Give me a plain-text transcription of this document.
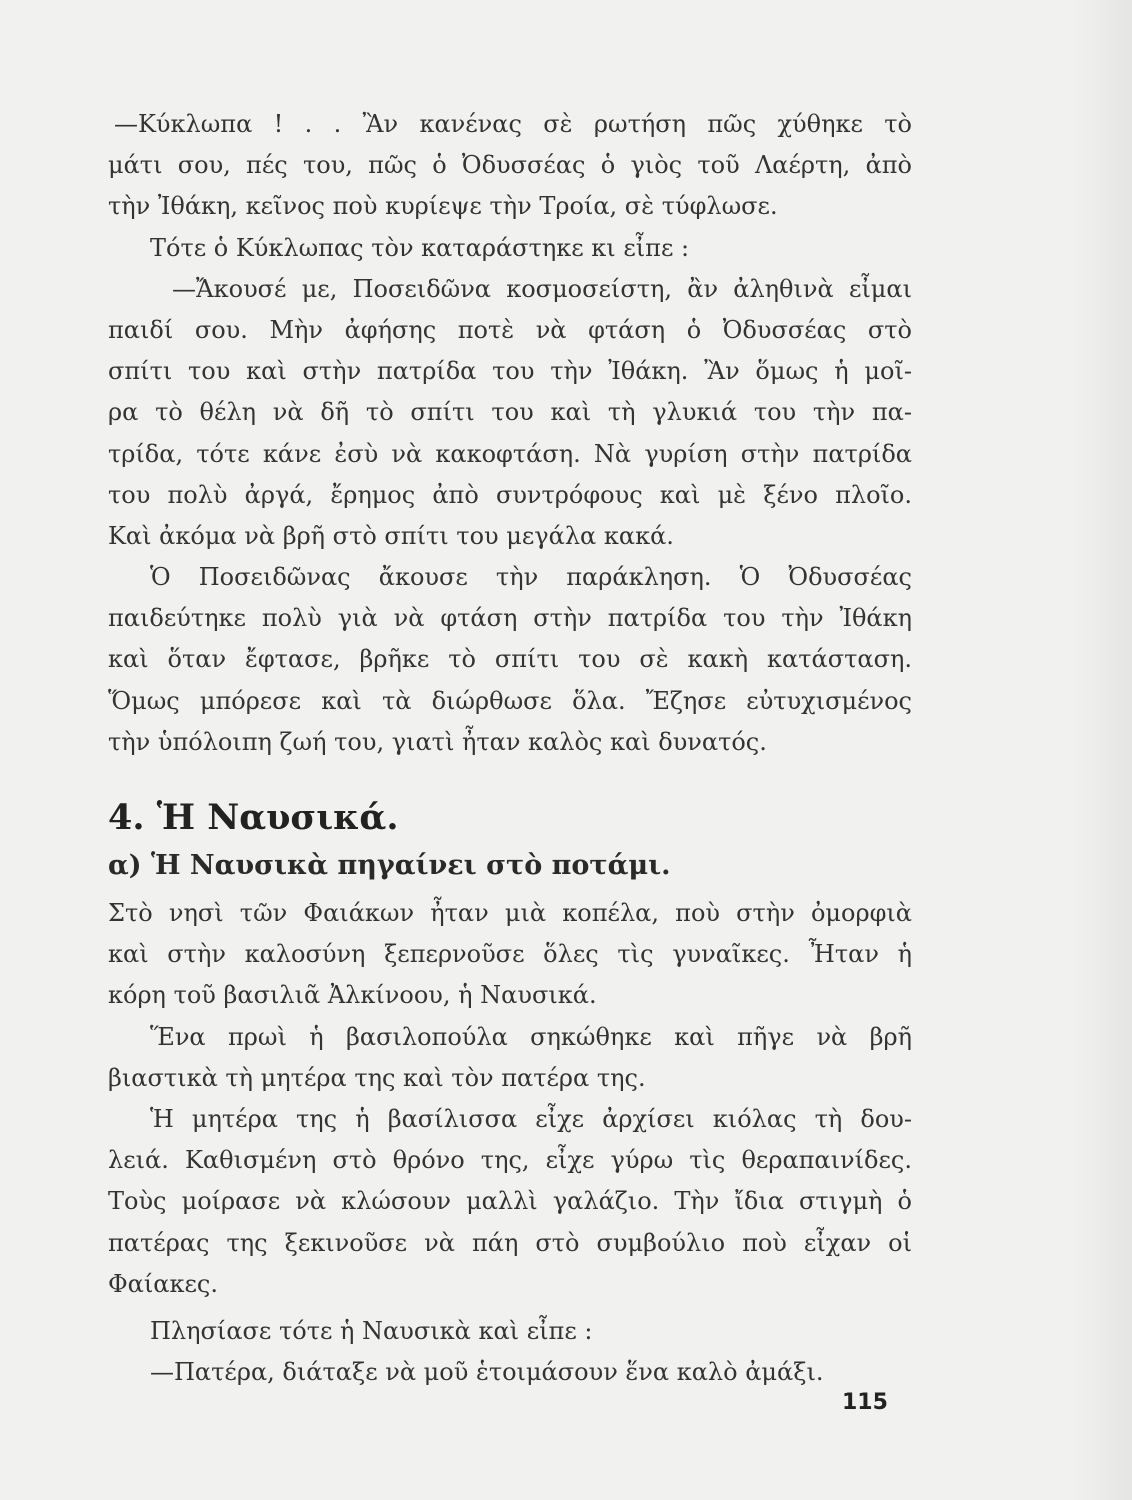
—Κύκλωπα ! . . Ἂν κανένας σὲ ρωτήση πῶς χύθηκε τὸ
μάτι σου, πές του, πῶς ὁ Ὀδυσσέας ὁ γιὸς τοῦ Λαέρτη, ἀπὸ
τὴν Ἰθάκη, κεῖνος ποὺ κυρίεψε τὴν Τροία, σὲ τύφλωσε.
Τότε ὁ Κύκλωπας τὸν καταράστηκε κι εἶπε :
—Ἄκουσέ με, Ποσειδῶνα κοσμοσείστη, ἂν ἀληθινὰ εἶμαι
παιδί σου. Μὴν ἀφήσης ποτὲ νὰ φτάση ὁ Ὀδυσσέας στὸ
σπίτι του καὶ στὴν πατρίδα του τὴν Ἰθάκη. Ἂν ὅμως ἡ μοῖ-
ρα τὸ θέλη νὰ δῆ τὸ σπίτι του καὶ τὴ γλυκιά του τὴν πα-
τρίδα, τότε κάνε ἐσὺ νὰ κακοφτάση. Νὰ γυρίση στὴν πατρίδα
του πολὺ ἀργά, ἔρημος ἀπὸ συντρόφους καὶ μὲ ξένο πλοῖο.
Καὶ ἀκόμα νὰ βρῆ στὸ σπίτι του μεγάλα κακά.
Ὁ Ποσειδῶνας ἄκουσε τὴν παράκληση. Ὁ Ὀδυσσέας
παιδεύτηκε πολὺ γιὰ νὰ φτάση στὴν πατρίδα του τὴν Ἰθάκη
καὶ ὅταν ἔφτασε, βρῆκε τὸ σπίτι του σὲ κακὴ κατάσταση.
Ὅμως μπόρεσε καὶ τὰ διώρθωσε ὅλα. Ἔζησε εὐτυχισμένος
τὴν ὑπόλοιπη ζωή του, γιατὶ ἦταν καλὸς καὶ δυνατός.
4. Ἡ Ναυσικά.
α) Ἡ Ναυσικὰ πηγαίνει στὸ ποτάμι.
Στὸ νησὶ τῶν Φαιάκων ἦταν μιὰ κοπέλα, ποὺ στὴν ὀμορφιὰ
καὶ στὴν καλοσύνη ξεπερνοῦσε ὅλες τὶς γυναῖκες. Ἦταν ἡ
κόρη τοῦ βασιλιᾶ Ἀλκίνοου, ἡ Ναυσικά.
Ἕνα πρωὶ ἡ βασιλοπούλα σηκώθηκε καὶ πῆγε νὰ βρῆ
βιαστικὰ τὴ μητέρα της καὶ τὸν πατέρα της.
Ἡ μητέρα της ἡ βασίλισσα εἶχε ἀρχίσει κιόλας τὴ δου-
λειά. Καθισμένη στὸ θρόνο της, εἶχε γύρω τὶς θεραπαινίδες.
Τοὺς μοίρασε νὰ κλώσουν μαλλὶ γαλάζιο. Τὴν ἴδια στιγμὴ ὁ
πατέρας της ξεκινοῦσε νὰ πάη στὸ συμβούλιο ποὺ εἶχαν οἱ
Φαίακες.
Πλησίασε τότε ἡ Ναυσικὰ καὶ εἶπε :
—Πατέρα, διάταξε νὰ μοῦ ἑτοιμάσουν ἕνα καλὸ ἀμάξι.
115
